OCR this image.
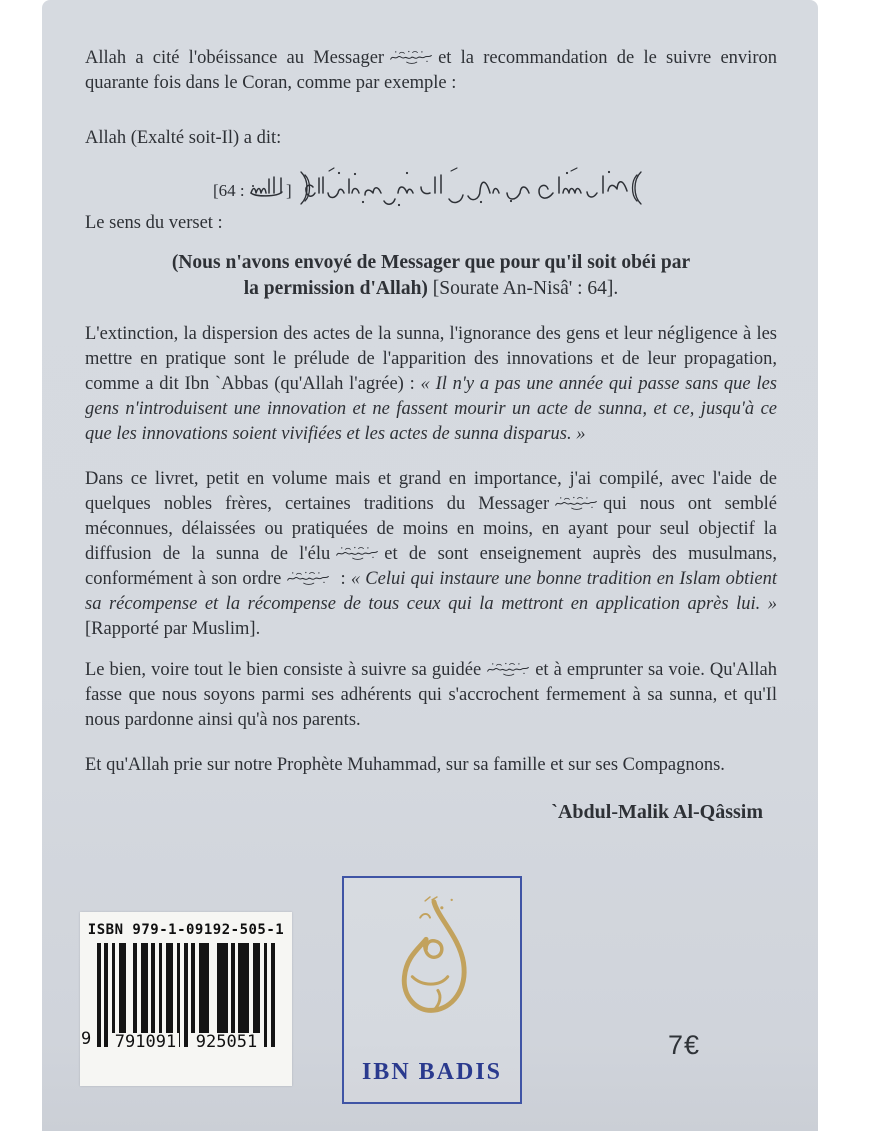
Allah a cité l'obéissance au Messager	et la recommandation de le suivre environ quarante fois dans le Coran, comme par exemple :

Allah (Exalté soit-Il) a dit:

[64 : ]

Le sens du verset :

(Nous n'avons envoyé de Messager que pour qu'il soit obéi par
la permission d'Allah) [Sourate An-Nisâ' : 64].

L'extinction, la dispersion des actes de la sunna, l'ignorance des gens et leur négligence à les mettre en pratique sont le prélude de l'apparition des innovations et de leur propagation, comme a dit Ibn `Abbas (qu'Allah l'agrée) : « Il n'y a pas une année qui passe sans que les gens n'introduisent une innovation et ne fassent mourir un acte de sunna, et ce, jusqu'à ce que les innovations soient vivifiées et les actes de sunna disparus. »

Dans ce livret, petit en volume mais et grand en importance, j'ai compilé, avec l'aide de quelques nobles frères, certaines traditions du Messager	qui nous ont semblé méconnues, délaissées ou pratiquées de moins en moins, en ayant pour seul objectif la diffusion de la sunna de l'élu	et de sont enseignement auprès des musulmans, conformément à son ordre	: « Celui qui instaure une bonne tradition en Islam obtient sa récompense et la récompense de tous ceux qui la mettront en application après lui. » [Rapporté par Muslim].

Le bien, voire tout le bien consiste à suivre sa guidée	et à emprunter sa voie. Qu'Allah fasse que nous soyons parmi ses adhérents qui s'accrochent fermement à sa sunna, et qu'Il nous pardonne ainsi qu'à nos parents.

Et qu'Allah prie sur notre Prophète Muhammad, sur sa famille et sur ses Compagnons.

`Abdul-Malik Al-Qâssim

ISBN 979-1-09192-505-1
9 791091 925051
IBN BADIS
7€
